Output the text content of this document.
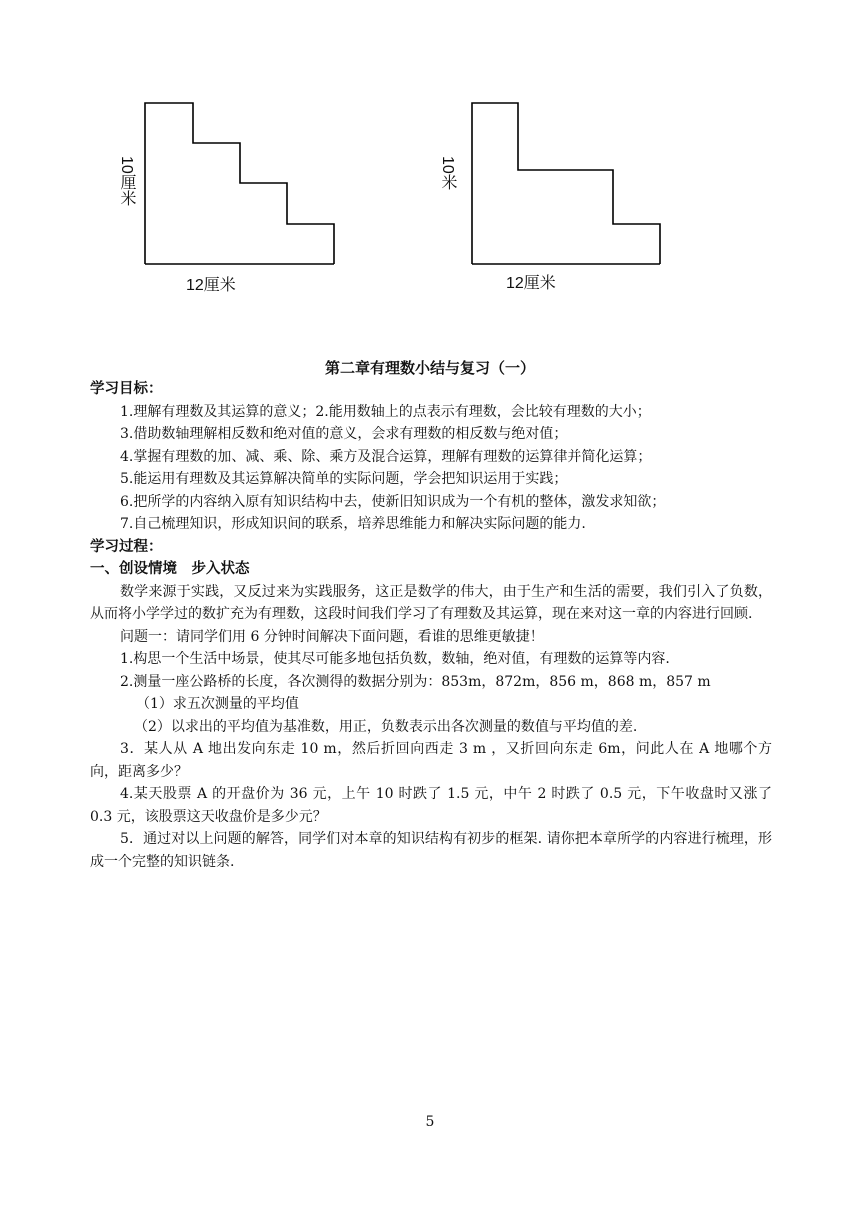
10厘米
12厘米
10米
12厘米
第二章有理数小结与复习（一）

学习目标：

1.理解有理数及其运算的意义；2.能用数轴上的点表示有理数，会比较有理数的大小；

3.借助数轴理解相反数和绝对值的意义，会求有理数的相反数与绝对值；

4.掌握有理数的加、减、乘、除、乘方及混合运算，理解有理数的运算律并简化运算；

5.能运用有理数及其运算解决简单的实际问题，学会把知识运用于实践；

6.把所学的内容纳入原有知识结构中去，使新旧知识成为一个有机的整体，激发求知欲；

7.自己梳理知识，形成知识间的联系，培养思维能力和解决实际问题的能力.

学习过程：

一、创设情境　步入状态

数学来源于实践，又反过来为实践服务，这正是数学的伟大，由于生产和生活的需要，我们引入了负数，从而将小学学过的数扩充为有理数，这段时间我们学习了有理数及其运算，现在来对这一章的内容进行回顾.

问题一：请同学们用 6 分钟时间解决下面问题，看谁的思维更敏捷！

1.构思一个生活中场景，使其尽可能多地包括负数，数轴，绝对值，有理数的运算等内容.

2.测量一座公路桥的长度，各次测得的数据分别为：853m，872m，856 m，868 m，857 m

（1）求五次测量的平均值

（2）以求出的平均值为基准数，用正，负数表示出各次测量的数值与平均值的差.

3．某人从 A 地出发向东走 10 m，然后折回向西走 3 m ，又折回向东走 6m，问此人在 A 地哪个方向，距离多少？

4.某天股票 A 的开盘价为 36 元，上午 10 时跌了 1.5 元，中午 2 时跌了 0.5 元，下午收盘时又涨了 0.3 元，该股票这天收盘价是多少元？

5．通过对以上问题的解答，同学们对本章的知识结构有初步的框架. 请你把本章所学的内容进行梳理，形成一个完整的知识链条.

5
